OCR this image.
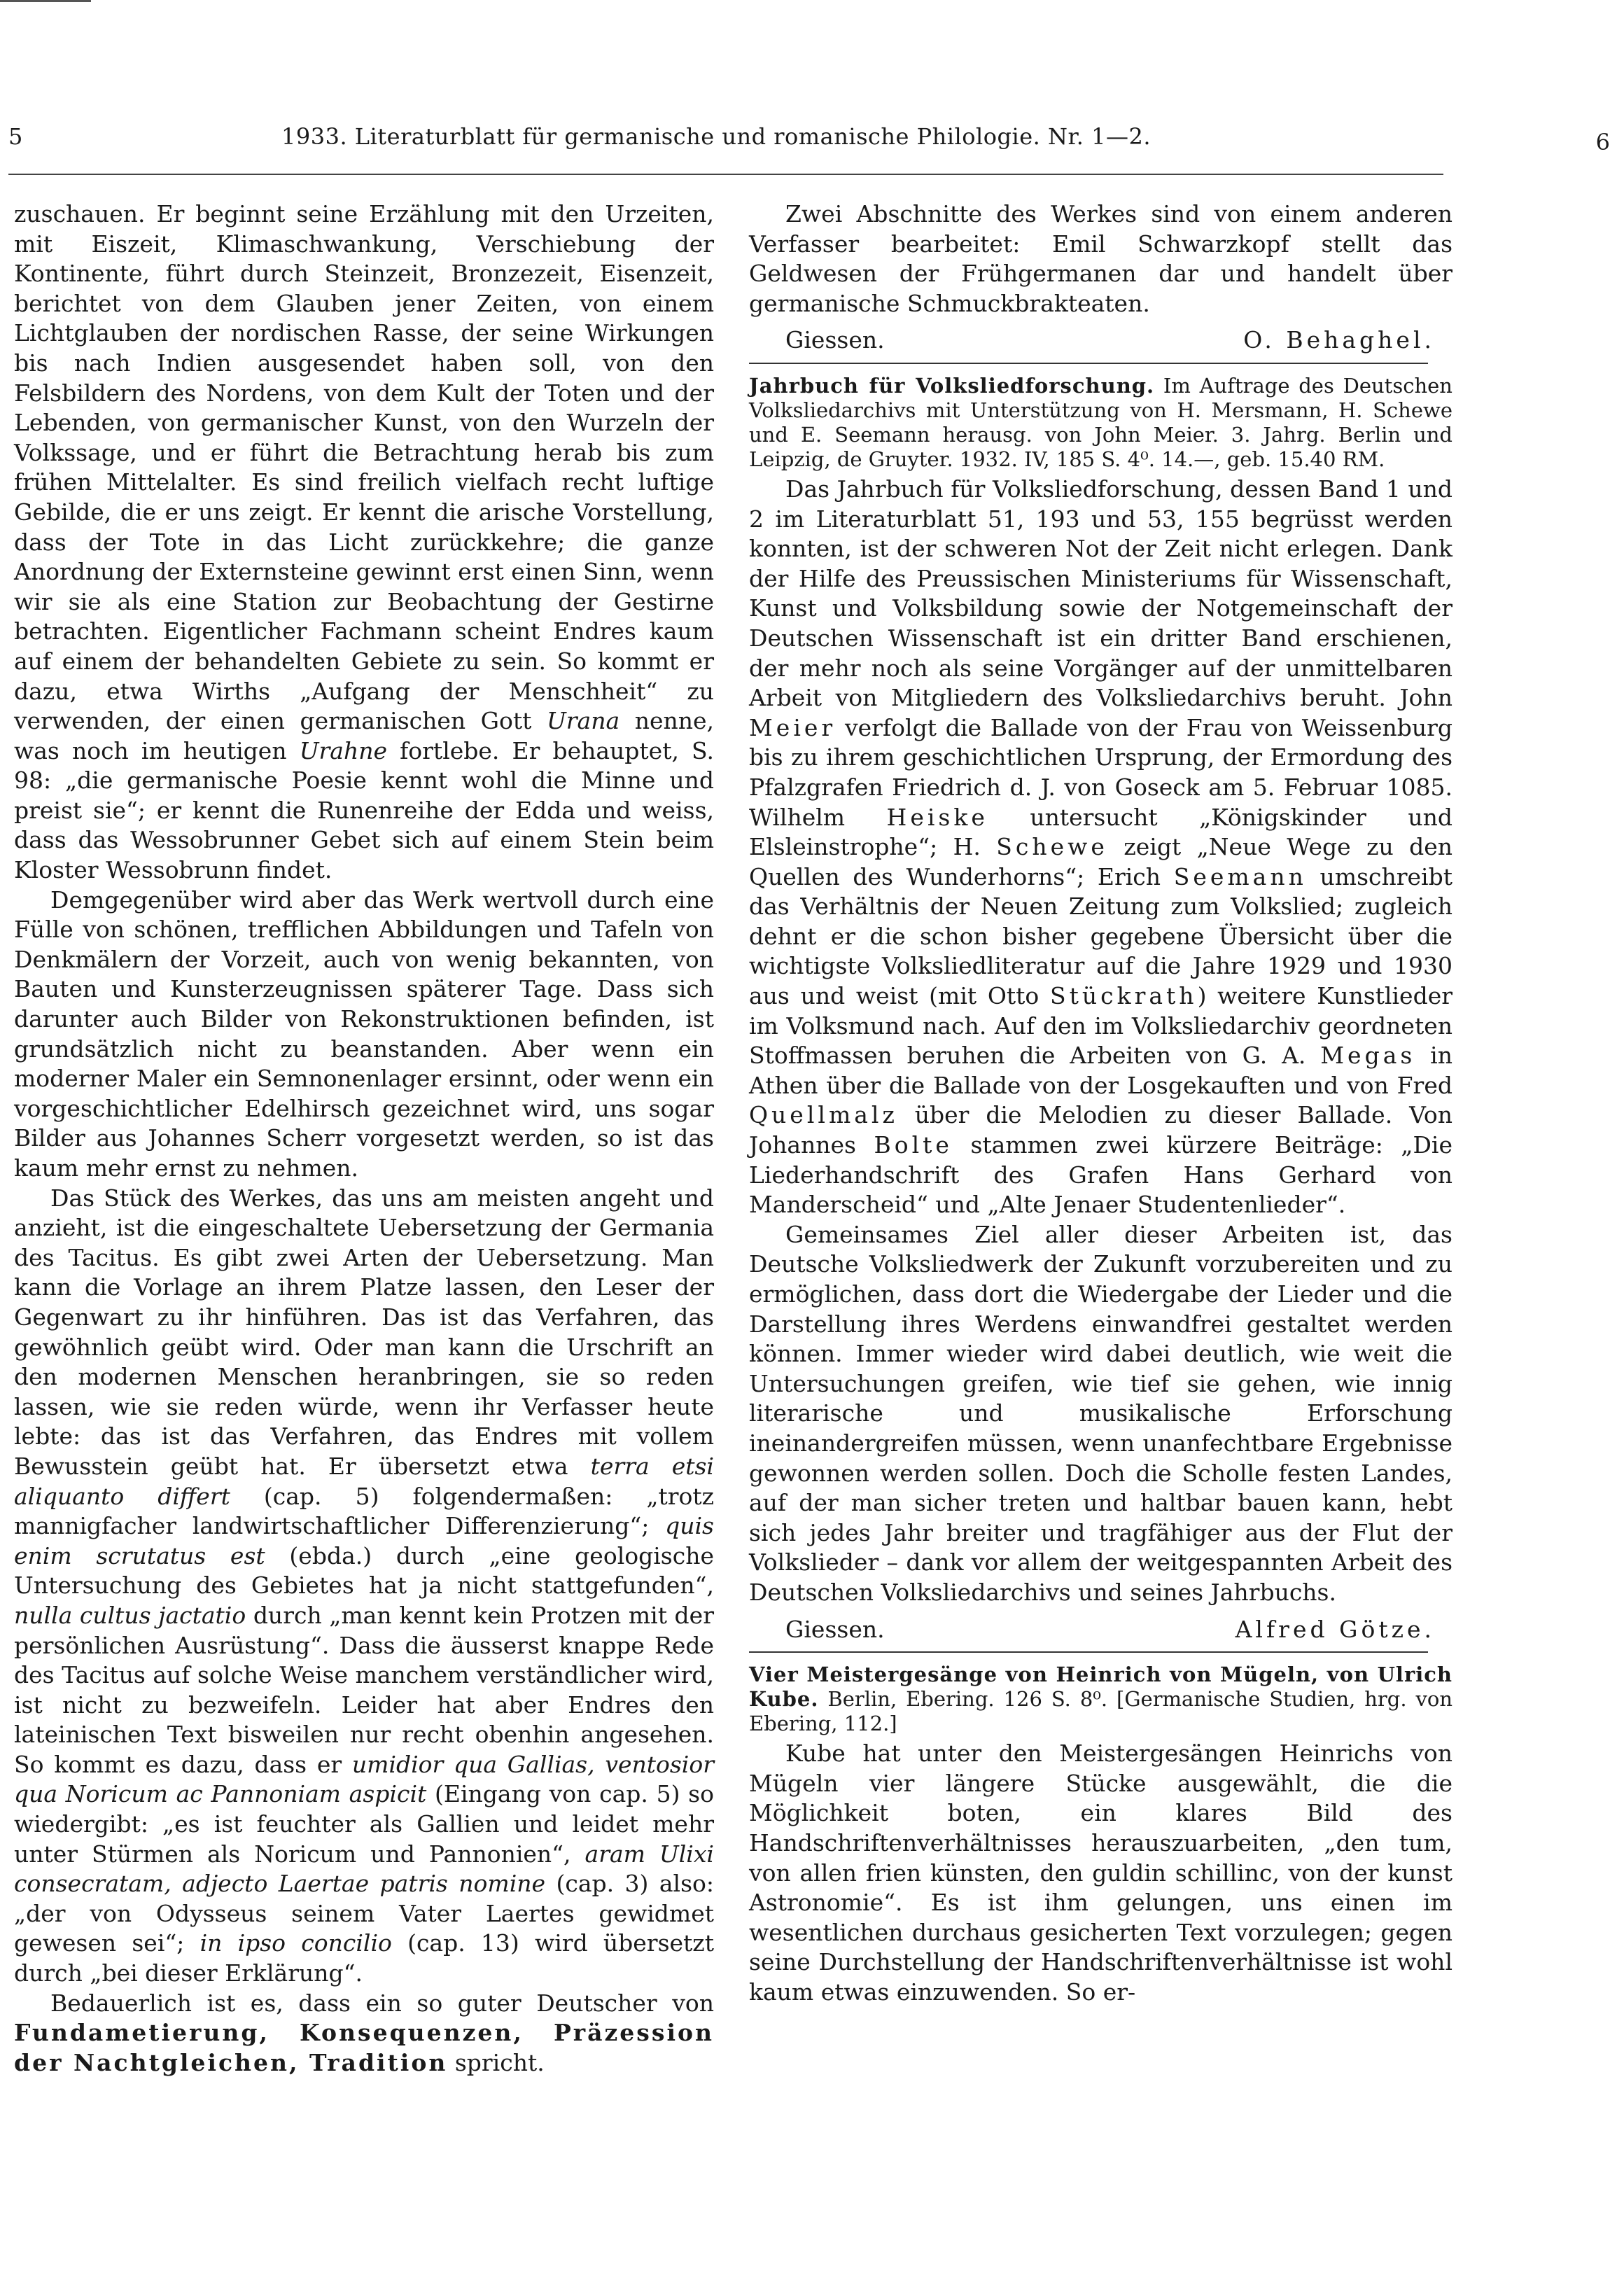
5	1933. Literaturblatt für germanische und romanische Philologie. Nr. 1—2.	6

zuschauen. Er beginnt seine Erzählung mit den Urzeiten, mit Eiszeit, Klimaschwankung, Verschiebung der Kontinente, führt durch Steinzeit, Bronzezeit, Eisenzeit, berichtet von dem Glauben jener Zeiten, von einem Lichtglauben der nordischen Rasse, der seine Wirkungen bis nach Indien ausgesendet haben soll, von den Felsbildern des Nordens, von dem Kult der Toten und der Lebenden, von germanischer Kunst, von den Wurzeln der Volkssage, und er führt die Betrachtung herab bis zum frühen Mittelalter. Es sind freilich vielfach recht luftige Gebilde, die er uns zeigt. Er kennt die arische Vorstellung, dass der Tote in das Licht zurückkehre; die ganze Anordnung der Externsteine gewinnt erst einen Sinn, wenn wir sie als eine Station zur Beobachtung der Gestirne betrachten. Eigentlicher Fachmann scheint Endres kaum auf einem der behandelten Gebiete zu sein. So kommt er dazu, etwa Wirths „Aufgang der Menschheit“ zu verwenden, der einen germanischen Gott Urana nenne, was noch im heutigen Urahne fortlebe. Er behauptet, S. 98: „die germanische Poesie kennt wohl die Minne und preist sie“; er kennt die Runenreihe der Edda und weiss, dass das Wessobrunner Gebet sich auf einem Stein beim Kloster Wessobrunn findet.

Demgegenüber wird aber das Werk wertvoll durch eine Fülle von schönen, trefflichen Abbildungen und Tafeln von Denkmälern der Vorzeit, auch von wenig bekannten, von Bauten und Kunsterzeugnissen späterer Tage. Dass sich darunter auch Bilder von Rekonstruktionen befinden, ist grundsätzlich nicht zu beanstanden. Aber wenn ein moderner Maler ein Semnonenlager ersinnt, oder wenn ein vorgeschichtlicher Edelhirsch gezeichnet wird, uns sogar Bilder aus Johannes Scherr vorgesetzt werden, so ist das kaum mehr ernst zu nehmen.

Das Stück des Werkes, das uns am meisten angeht und anzieht, ist die eingeschaltete Uebersetzung der Germania des Tacitus. Es gibt zwei Arten der Uebersetzung. Man kann die Vorlage an ihrem Platze lassen, den Leser der Gegenwart zu ihr hinführen. Das ist das Verfahren, das gewöhnlich geübt wird. Oder man kann die Urschrift an den modernen Menschen heranbringen, sie so reden lassen, wie sie reden würde, wenn ihr Verfasser heute lebte: das ist das Verfahren, das Endres mit vollem Bewusstein geübt hat. Er übersetzt etwa terra etsi aliquanto differt (cap. 5) folgendermaßen: „trotz mannigfacher landwirtschaftlicher Differenzierung“; quis enim scrutatus est (ebda.) durch „eine geologische Untersuchung des Gebietes hat ja nicht stattgefunden“, nulla cultus jactatio durch „man kennt kein Protzen mit der persönlichen Ausrüstung“. Dass die äusserst knappe Rede des Tacitus auf solche Weise manchem verständlicher wird, ist nicht zu bezweifeln. Leider hat aber Endres den lateinischen Text bisweilen nur recht obenhin angesehen. So kommt es dazu, dass er umidior qua Gallias, ventosior qua Noricum ac Pannoniam aspicit (Eingang von cap. 5) so wiedergibt: „es ist feuchter als Gallien und leidet mehr unter Stürmen als Noricum und Pannonien“, aram Ulixi consecratam, adjecto Laertae patris nomine (cap. 3) also: „der von Odysseus seinem Vater Laertes gewidmet gewesen sei“; in ipso concilio (cap. 13) wird übersetzt durch „bei dieser Erklärung“.

Bedauerlich ist es, dass ein so guter Deutscher von Fundametierung, Konsequenzen, Präzession der Nachtgleichen, Tradition spricht.

Zwei Abschnitte des Werkes sind von einem anderen Verfasser bearbeitet: Emil Schwarzkopf stellt das Geldwesen der Frühgermanen dar und handelt über germanische Schmuckbrakteaten.

Giessen.	O. Behaghel.

Jahrbuch für Volksliedforschung. Im Auftrage des Deutschen Volksliedarchivs mit Unterstützung von H. Mersmann, H. Schewe und E. Seemann herausg. von John Meier. 3. Jahrg. Berlin und Leipzig, de Gruyter. 1932. IV, 185 S. 4⁰. 14.—, geb. 15.40 RM.

Das Jahrbuch für Volksliedforschung, dessen Band 1 und 2 im Literaturblatt 51, 193 und 53, 155 begrüsst werden konnten, ist der schweren Not der Zeit nicht erlegen. Dank der Hilfe des Preussischen Ministeriums für Wissenschaft, Kunst und Volksbildung sowie der Notgemeinschaft der Deutschen Wissenschaft ist ein dritter Band erschienen, der mehr noch als seine Vorgänger auf der unmittelbaren Arbeit von Mitgliedern des Volksliedarchivs beruht. John Meier verfolgt die Ballade von der Frau von Weissenburg bis zu ihrem geschichtlichen Ursprung, der Ermordung des Pfalzgrafen Friedrich d. J. von Goseck am 5. Februar 1085. Wilhelm Heiske untersucht „Königskinder und Elsleinstrophe“; H. Schewe zeigt „Neue Wege zu den Quellen des Wunderhorns“; Erich Seemann umschreibt das Verhältnis der Neuen Zeitung zum Volkslied; zugleich dehnt er die schon bisher gegebene Übersicht über die wichtigste Volksliedliteratur auf die Jahre 1929 und 1930 aus und weist (mit Otto Stückrath) weitere Kunstlieder im Volksmund nach. Auf den im Volksliedarchiv geordneten Stoffmassen beruhen die Arbeiten von G. A. Megas in Athen über die Ballade von der Losgekauften und von Fred Quellmalz über die Melodien zu dieser Ballade. Von Johannes Bolte stammen zwei kürzere Beiträge: „Die Liederhandschrift des Grafen Hans Gerhard von Manderscheid“ und „Alte Jenaer Studentenlieder“.

Gemeinsames Ziel aller dieser Arbeiten ist, das Deutsche Volksliedwerk der Zukunft vorzubereiten und zu ermöglichen, dass dort die Wiedergabe der Lieder und die Darstellung ihres Werdens einwandfrei gestaltet werden können. Immer wieder wird dabei deutlich, wie weit die Untersuchungen greifen, wie tief sie gehen, wie innig literarische und musikalische Erforschung ineinandergreifen müssen, wenn unanfechtbare Ergebnisse gewonnen werden sollen. Doch die Scholle festen Landes, auf der man sicher treten und haltbar bauen kann, hebt sich jedes Jahr breiter und tragfähiger aus der Flut der Volkslieder – dank vor allem der weitgespannten Arbeit des Deutschen Volksliedarchivs und seines Jahrbuchs.

Giessen.	Alfred Götze.

Vier Meistergesänge von Heinrich von Mügeln, von Ulrich Kube. Berlin, Ebering. 126 S. 8⁰. [Germanische Studien, hrg. von Ebering, 112.]

Kube hat unter den Meistergesängen Heinrichs von Mügeln vier längere Stücke ausgewählt, die die Möglichkeit boten, ein klares Bild des Handschriftenverhältnisses herauszuarbeiten, „den tum, von allen frien künsten, den guldin schillinc, von der kunst Astronomie“. Es ist ihm gelungen, uns einen im wesentlichen durchaus gesicherten Text vorzulegen; gegen seine Durchstellung der Handschriftenverhältnisse ist wohl kaum etwas einzuwenden. So er-
